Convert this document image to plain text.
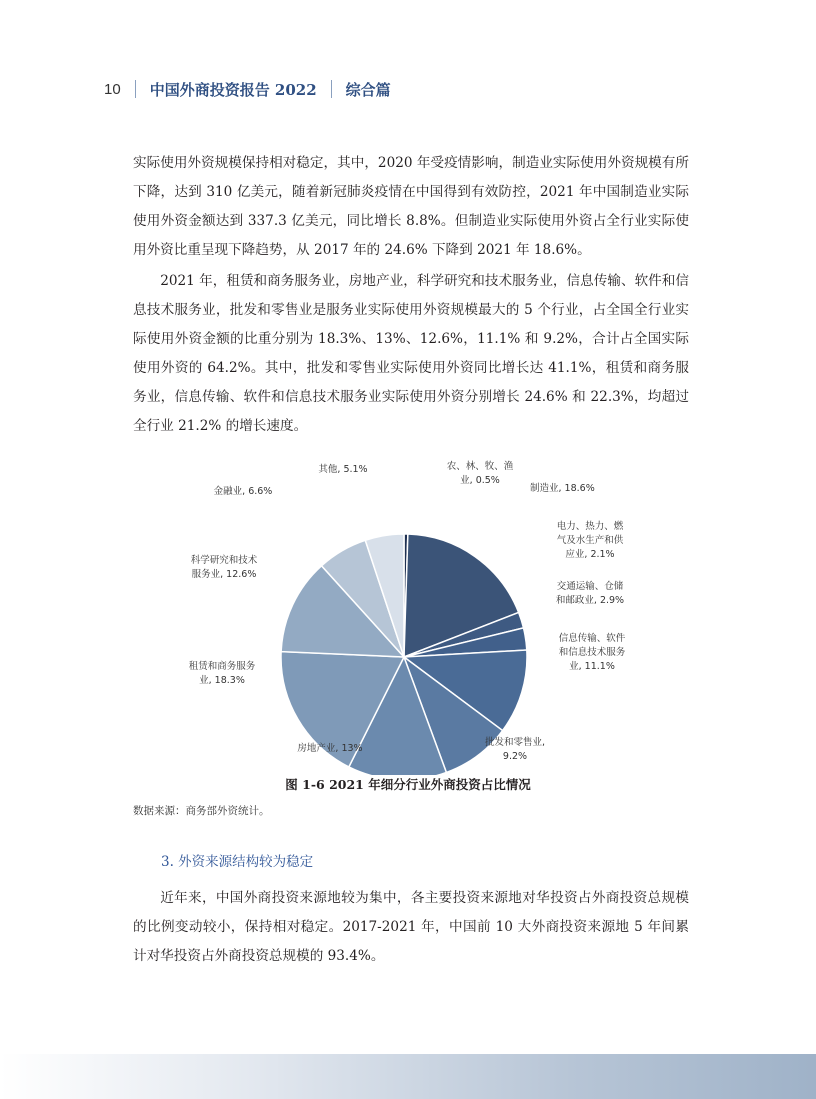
10 中国外商投资报告 2022 综合篇

实际使用外资规模保持相对稳定，其中，2020 年受疫情影响，制造业实际使用外资规模有所下降，达到 310 亿美元，随着新冠肺炎疫情在中国得到有效防控，2021 年中国制造业实际使用外资金额达到 337.3 亿美元，同比增长 8.8%。但制造业实际使用外资占全行业实际使用外资比重呈现下降趋势，从 2017 年的 24.6% 下降到 2021 年 18.6%。

2021 年，租赁和商务服务业，房地产业，科学研究和技术服务业，信息传输、软件和信息技术服务业，批发和零售业是服务业实际使用外资规模最大的 5 个行业，占全国全行业实际使用外资金额的比重分别为 18.3%、13%、12.6%，11.1% 和 9.2%，合计占全国实际使用外资的 64.2%。其中，批发和零售业实际使用外资同比增长达 41.1%，租赁和商务服务业，信息传输、软件和信息技术服务业实际使用外资分别增长 24.6% 和 22.3%，均超过全行业 21.2% 的增长速度。

农、林、牧、渔业, 0.5%
制造业, 18.6%
电力、热力、燃气及水生产和供应业, 2.1%
交通运输、仓储和邮政业, 2.9%
信息传输、软件和信息技术服务业, 11.1%
批发和零售业, 9.2%
房地产业, 13%
租赁和商务服务业, 18.3%
科学研究和技术服务业, 12.6%
金融业, 6.6%
其他, 5.1%
图 1-6 2021 年细分行业外商投资占比情况
数据来源：商务部外资统计。
3. 外资来源结构较为稳定

近年来，中国外商投资来源地较为集中，各主要投资来源地对华投资占外商投资总规模的比例变动较小，保持相对稳定。2017-2021 年，中国前 10 大外商投资来源地 5 年间累计对华投资占外商投资总规模的 93.4%。
